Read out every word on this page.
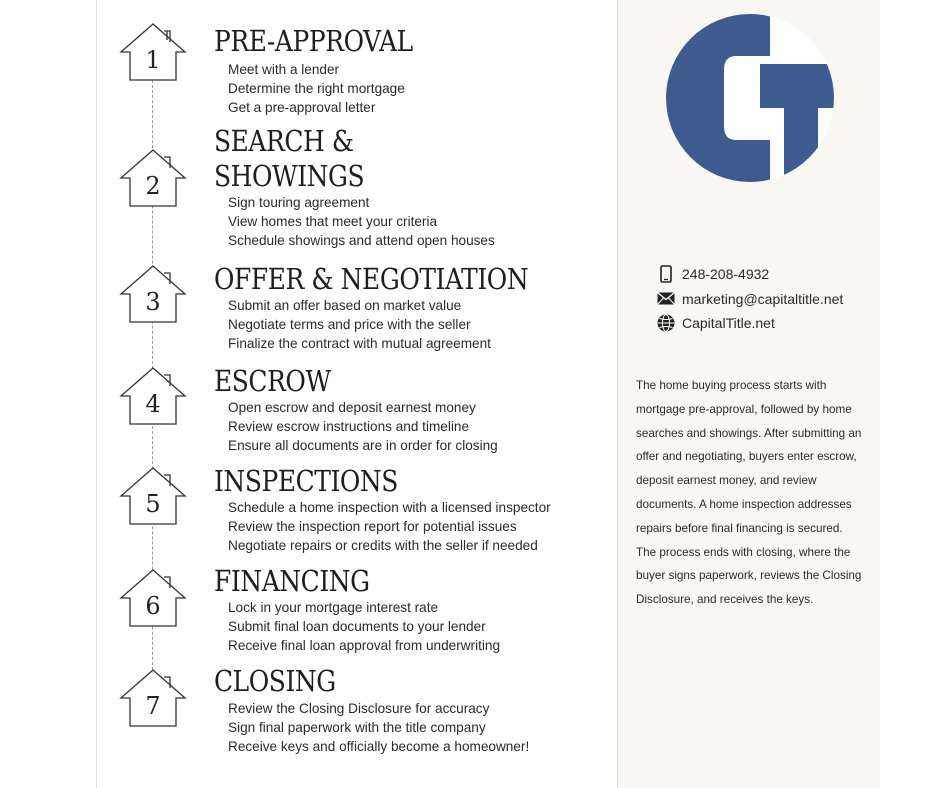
1
PRE-APPROVAL
Meet with a lender
Determine the right mortgage
Get a pre-approval letter
2
SEARCH &
SHOWINGS
Sign touring agreement
View homes that meet your criteria
Schedule showings and attend open houses
3
OFFER & NEGOTIATION
Submit an offer based on market value
Negotiate terms and price with the seller
Finalize the contract with mutual agreement
4
ESCROW
Open escrow and deposit earnest money
Review escrow instructions and timeline
Ensure all documents are in order for closing
5
INSPECTIONS
Schedule a home inspection with a licensed inspector
Review the inspection report for potential issues
Negotiate repairs or credits with the seller if needed
6
FINANCING
Lock in your mortgage interest rate
Submit final loan documents to your lender
Receive final loan approval from underwriting
7
CLOSING
Review the Closing Disclosure for accuracy
Sign final paperwork with the title company
Receive keys and officially become a homeowner!
248-208-4932
marketing@capitaltitle.net
CapitalTitle.net

The home buying process starts with mortgage pre-approval, followed by home searches and showings. After submitting an offer and negotiating, buyers enter escrow, deposit earnest money, and review documents. A home inspection addresses repairs before final financing is secured. The process ends with closing, where the buyer signs paperwork, reviews the Closing Disclosure, and receives the keys.
